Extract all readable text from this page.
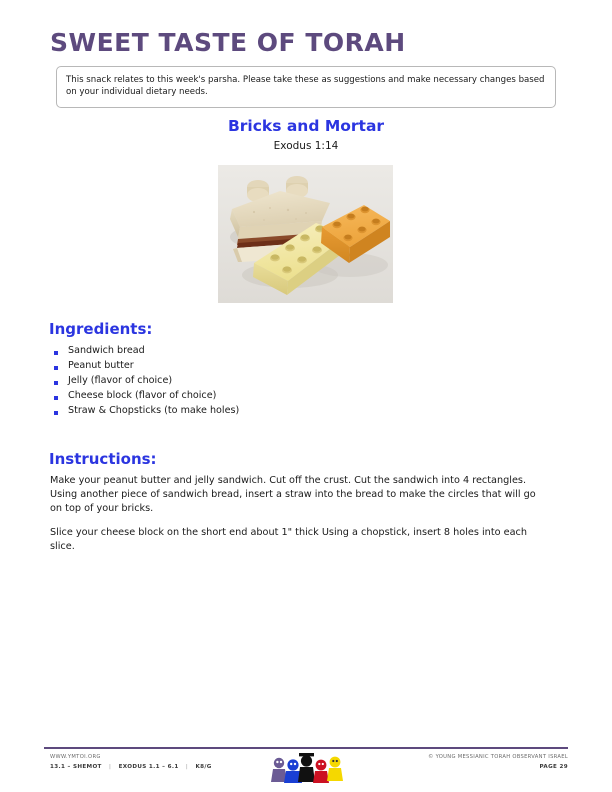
SWEET TASTE OF TORAH
This snack relates to this week's parsha. Please take these as suggestions and make necessary changes based on your individual dietary needs.
Bricks and Mortar
Exodus 1:14
Ingredients:
Sandwich bread
Peanut butter
Jelly (flavor of choice)
Cheese block (flavor of choice)
Straw & Chopsticks (to make holes)
Instructions:

Make your peanut butter and jelly sandwich. Cut off the crust. Cut the sandwich into 4 rectangles. Using another piece of sandwich bread, insert a straw into the bread to make the circles that will go on top of your bricks.

Slice your cheese block on the short end about 1" thick Using a chopstick, insert 8 holes into each slice.

WWW.YMTOI.ORG
13.1 – SHEMOT | EXODUS 1.1 – 6.1 | K8/G
© YOUNG MESSIANIC TORAH OBSERVANT ISRAEL
PAGE 29
